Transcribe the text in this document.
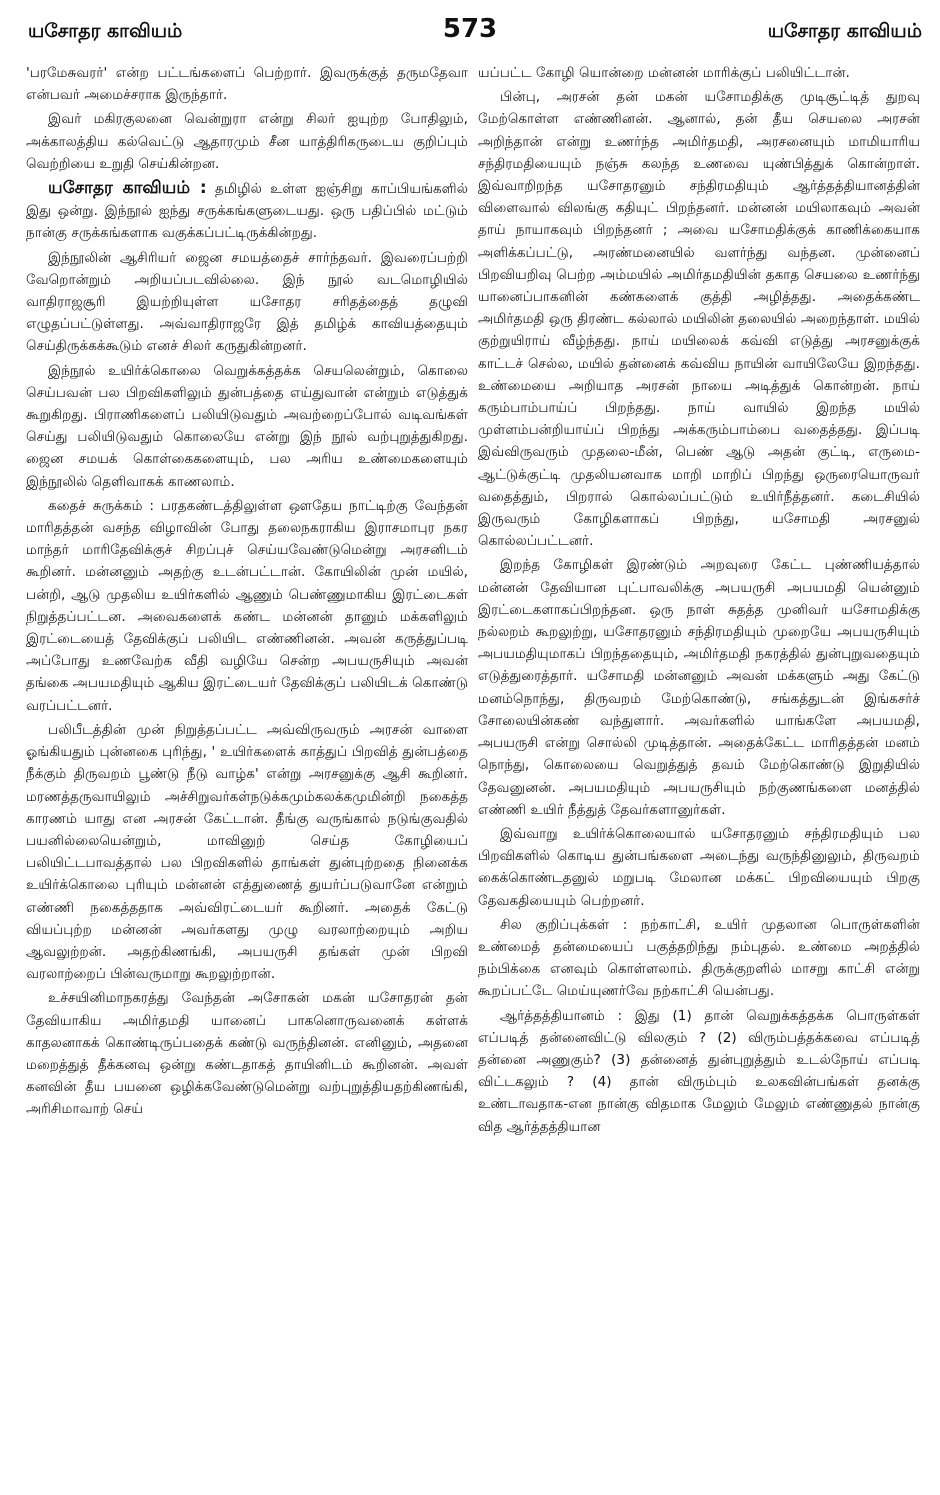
யசோதர காவியம்	573	யசோதர காவியம்

'பரமேசுவரர்' என்ற பட்டங்களைப் பெற்றார். இவருக்குத் தருமதேவா என்பவர் அமைச்சராக இருந்தார்.

இவர் மகிரகுலனை வென்றுரா என்று சிலர் ஐயுற்ற போதிலும், அக்காலத்திய கல்வெட்டு ஆதாரமும் சீன யாத்திரிகருடைய குறிப்பும் வெற்றியை உறுதி செய்கின்றன.

யசோதர காவியம் : தமிழில் உள்ள ஐஞ்சிறு காப்பியங்களில் இது ஒன்று. இந்நூல் ஐந்து சருக்கங்களுடையது. ஒரு பதிப்பில் மட்டும் நான்கு சருக்கங்களாக வகுக்கப்பட்டிருக்கின்றது.

இந்நூலின் ஆசிரியர் ஜைன சமயத்தைச் சார்ந்தவர். இவரைப்பற்றி வேறொன்றும் அறியப்படவில்லை. இந் நூல் வடமொழியில் வாதிராஜசூரி இயற்றியுள்ள யசோதர சரிதத்தைத் தழுவி எழுதப்பட்டுள்ளது. அவ்வாதிராஜரே இத் தமிழ்க் காவியத்தையும் செய்திருக்கக்கூடும் எனச் சிலர் கருதுகின்றனர்.

இந்நூல் உயிர்க்கொலை வெறுக்கத்தக்க செயலென்றும், கொலை செய்பவன் பல பிறவிகளிலும் துன்பத்தை எய்துவான் என்றும் எடுத்துக் கூறுகிறது. பிராணிகளைப் பலியிடுவதும் அவற்றைப்போல் வடிவங்கள் செய்து பலியிடுவதும் கொலையே என்று இந் நூல் வற்புறுத்துகிறது. ஜைன சமயக் கொள்கைகளையும், பல அரிய உண்மைகளையும் இந்நூலில் தெளிவாகக் காணலாம்.

கதைச் சுருக்கம் : பரதகண்டத்திலுள்ள ஔதேய நாட்டிற்கு வேந்தன் மாரிதத்தன் வசந்த விழாவின் போது தலைநகராகிய இராசமாபுர நகர மாந்தர் மாரிதேவிக்குச் சிறப்புச் செய்யவேண்டுமென்று அரசனிடம் கூறினர். மன்னனும் அதற்கு உடன்பட்டான். கோயிலின் முன் மயில், பன்றி, ஆடு முதலிய உயிர்களில் ஆணும் பெண்ணுமாகிய இரட்டைகள் நிறுத்தப்பட்டன. அவைகளைக் கண்ட மன்னன் தானும் மக்களிலும் இரட்டையைத் தேவிக்குப் பலியிட எண்ணினன். அவன் கருத்துப்படி அப்போது உணவேற்க வீதி வழியே சென்ற அபயருசியும் அவன் தங்கை அபயமதியும் ஆகிய இரட்டையர் தேவிக்குப் பலியிடக் கொண்டு வரப்பட்டனர்.

பலிபீடத்தின் முன் நிறுத்தப்பட்ட அவ்விருவரும் அரசன் வாளை ஓங்கியதும் புன்னகை புரிந்து, ' உயிர்களைக் காத்துப் பிறவித் துன்பத்தை நீக்கும் திருவறம் பூண்டு நீடு வாழ்க' என்று அரசனுக்கு ஆசி கூறினர். மரணத்தருவாயிலும் அச்சிறுவர்கள்நடுக்கமும்கலக்கமுமின்றி நகைத்த காரணம் யாது என அரசன் கேட்டான். தீங்கு வருங்கால் நடுங்குவதில் பயனில்லையென்றும், மாவினுற் செய்த கோழியைப் பலியிட்டபாவத்தால் பல பிறவிகளில் தாங்கள் துன்புற்றதை நினைக்க உயிர்க்கொலை புரியும் மன்னன் எத்துணைத் துயர்ப்படுவானே என்றும் எண்ணி நகைத்ததாக அவ்விரட்டையர் கூறினர். அதைக் கேட்டு வியப்புற்ற மன்னன் அவர்களது முழு வரலாற்றையும் அறிய ஆவலுற்றன். அதற்கிணங்கி, அபயருசி தங்கள் முன் பிறவி வரலாற்றைப் பின்வருமாறு கூறலுற்றான்.

உச்சயினிமாநகரத்து வேந்தன் அசோகன் மகன் யசோதரன் தன் தேவியாகிய அமிர்தமதி யானைப் பாகனொருவனைக் கள்ளக் காதலனாகக் கொண்டிருப்பதைக் கண்டு வருந்தினன். எனினும், அதனை மறைத்துத் தீக்கனவு ஒன்று கண்டதாகத் தாயினிடம் கூறினன். அவள் கனவின் தீய பயனை ஒழிக்கவேண்டுமென்று வற்புறுத்தியதற்கிணங்கி, அரிசிமாவாற் செய்

யப்பட்ட கோழி யொன்றை மன்னன் மாரிக்குப் பலியிட்டான்.

பின்பு, அரசன் தன் மகன் யசோமதிக்கு முடிசூட்டித் துறவு மேற்கொள்ள எண்ணினன். ஆனால், தன் தீய செயலை அரசன் அறிந்தான் என்று உணர்ந்த அமிர்தமதி, அரசனையும் மாமியாரிய சந்திரமதியையும் நஞ்சு கலந்த உணவை யுண்பித்துக் கொன்றாள். இவ்வாறிறந்த யசோதரனும் சந்திரமதியும் ஆர்த்தத்தியானத்தின் விளைவால் விலங்கு கதியுட் பிறந்தனர். மன்னன் மயிலாகவும் அவன் தாய் நாயாகவும் பிறந்தனர் ; அவை யசோமதிக்குக் காணிக்கையாக அளிக்கப்பட்டு, அரண்மனையில் வளர்ந்து வந்தன. முன்னைப் பிறவியறிவு பெற்ற அம்மயில் அமிர்தமதியின் தகாத செயலை உணர்ந்து யானைப்பாகனின் கண்களைக் குத்தி அழித்தது. அதைக்கண்ட அமிர்தமதி ஒரு திரண்ட கல்லால் மயிலின் தலையில் அறைந்தாள். மயில் குற்றுயிராய் வீழ்ந்தது. நாய் மயிலைக் கவ்வி எடுத்து அரசனுக்குக் காட்டச் செல்ல, மயில் தன்னைக் கவ்விய நாயின் வாயிலேயே இறந்தது. உண்மையை அறியாத அரசன் நாயை அடித்துக் கொன்றன். நாய் கரும்பாம்பாய்ப் பிறந்தது. நாய் வாயில் இறந்த மயில் முள்ளம்பன்றியாய்ப் பிறந்து அக்கரும்பாம்பை வதைத்தது. இப்படி இவ்விருவரும் முதலை-மீன், பெண் ஆடு அதன் குட்டி, எருமை-ஆட்டுக்குட்டி முதலியனவாக மாறி மாறிப் பிறந்து ஒருரையொருவர் வதைத்தும், பிறரால் கொல்லப்பட்டும் உயிர்நீத்தனர். கடைசியில் இருவரும் கோழிகளாகப் பிறந்து, யசோமதி அரசனுல் கொல்லப்பட்டனர்.

இறந்த கோழிகள் இரண்டும் அறவுரை கேட்ட புண்ணியத்தால் மன்னன் தேவியான புட்பாவலிக்கு அபயருசி அபயமதி யென்னும் இரட்டைகளாகப்பிறந்தன. ஒரு நாள் சுதத்த முனிவர் யசோமதிக்கு நல்லறம் கூறலுற்று, யசோதரனும் சந்திரமதியும் முறையே அபயருசியும் அபயமதியுமாகப் பிறந்ததையும், அமிர்தமதி நகரத்தில் துன்புறுவதையும் எடுத்துரைத்தார். யசோமதி மன்னனும் அவன் மக்களும் அது கேட்டு மனம்நொந்து, திருவறம் மேற்கொண்டு, சங்கத்துடன் இங்கசர்ச் சோலையின்கண் வந்துளார். அவர்களில் யாங்களே அபயமதி, அபயருசி என்று சொல்லி முடித்தான். அதைக்கேட்ட மாரிதத்தன் மனம் நொந்து, கொலையை வெறுத்துத் தவம் மேற்கொண்டு இறுதியில் தேவனுனன். அபயமதியும் அபயருசியும் நற்குணங்களை மனத்தில் எண்ணி உயிர் நீத்துத் தேவர்களானுர்கள்.

இவ்வாறு உயிர்க்கொலையால் யசோதரனும் சந்திரமதியும் பல பிறவிகளில் கொடிய துன்பங்களை அடைந்து வருந்தினுலும், திருவறம் கைக்கொண்டதனுல் மறுபடி மேலான மக்கட் பிறவியையும் பிறகு தேவகதியையும் பெற்றனர்.

சில குறிப்புக்கள் : நற்காட்சி, உயிர் முதலான பொருள்களின் உண்மைத் தன்மையைப் பகுத்தறிந்து நம்புதல். உண்மை அறத்தில் நம்பிக்கை எனவும் கொள்ளலாம். திருக்குறளில் மாசறு காட்சி என்று கூறப்பட்டே மெய்யுணர்வே நற்காட்சி யென்பது.

ஆர்த்தத்தியானம் : இது (1) தான் வெறுக்கத்தக்க பொருள்கள் எப்படித் தன்னைவிட்டு விலகும் ? (2) விரும்பத்தக்கவை எப்படித் தன்னை அணுகும்? (3) தன்னைத் துன்புறுத்தும் உடல்நோய் எப்படி விட்டகலும் ? (4) தான் விரும்பும் உலகவின்பங்கள் தனக்கு உண்டாவதாக-என நான்கு விதமாக மேலும் மேலும் எண்ணுதல் நான்கு வித ஆர்த்தத்தியான
